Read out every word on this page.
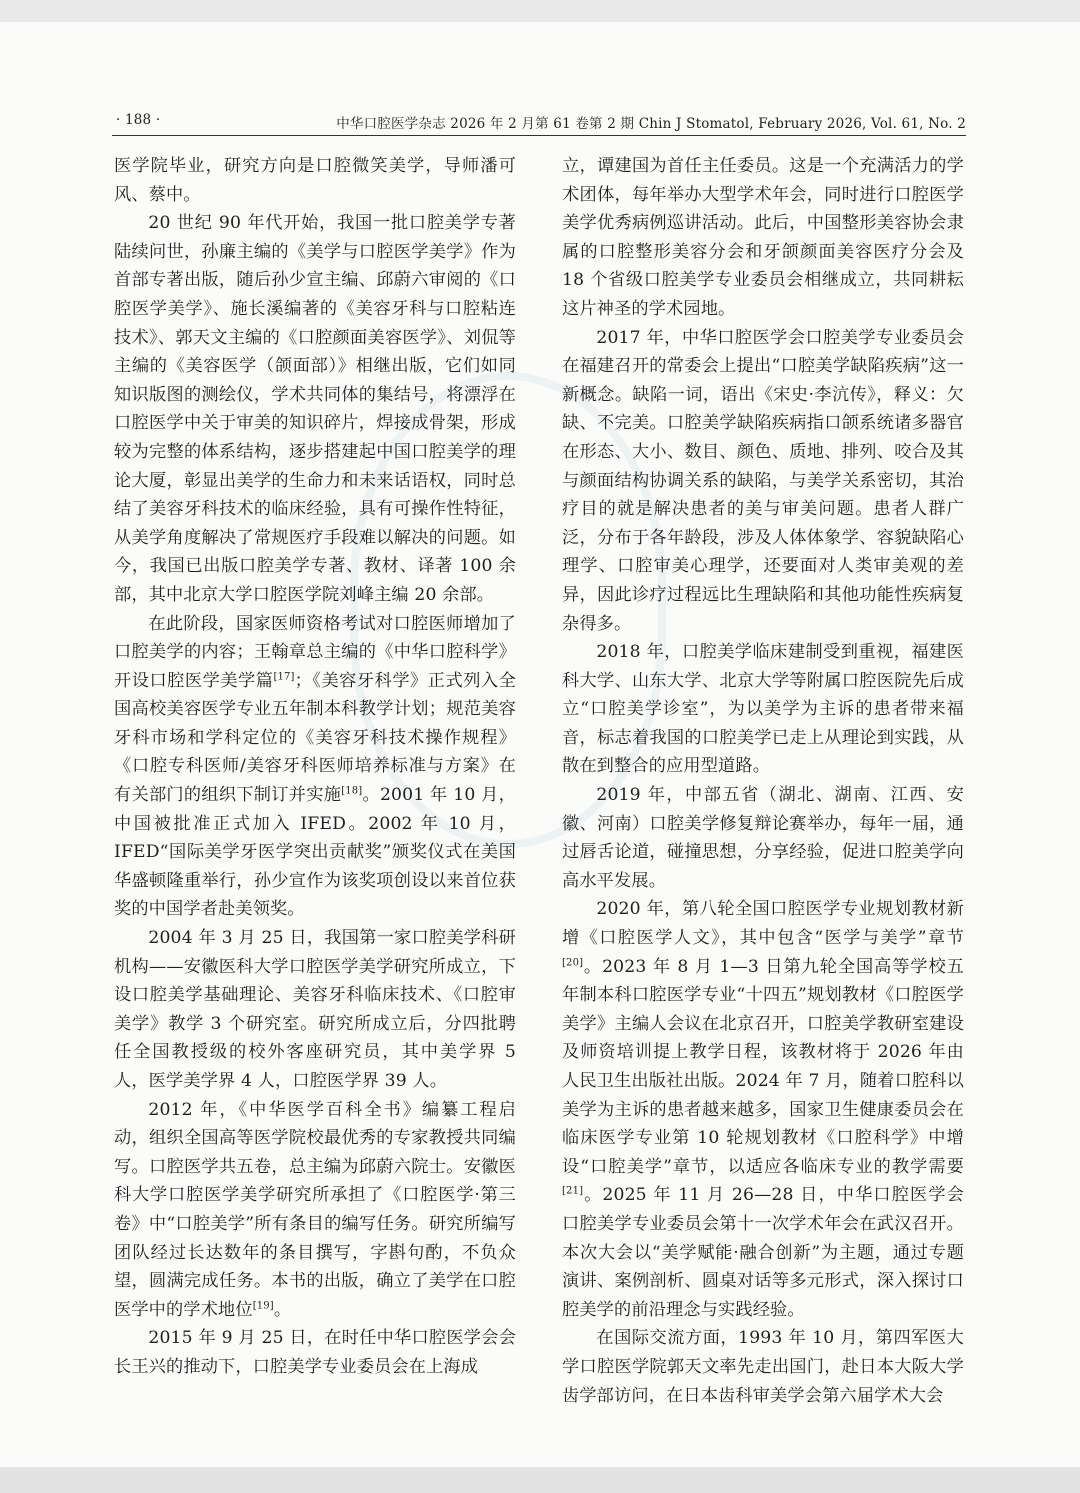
· 188 ·	中华口腔医学杂志 2026 年 2 月第 61 卷第 2 期 Chin J Stomatol, February 2026, Vol. 61, No. 2

医学院毕业，研究方向是口腔微笑美学，导师潘可风、蔡中。

20 世纪 90 年代开始，我国一批口腔美学专著陆续问世，孙廉主编的《美学与口腔医学美学》作为首部专著出版，随后孙少宣主编、邱蔚六审阅的《口腔医学美学》、施长溪编著的《美容牙科与口腔粘连技术》、郭天文主编的《口腔颜面美容医学》、刘侃等主编的《美容医学（颌面部）》相继出版，它们如同知识版图的测绘仪，学术共同体的集结号，将漂浮在口腔医学中关于审美的知识碎片，焊接成骨架，形成较为完整的体系结构，逐步搭建起中国口腔美学的理论大厦，彰显出美学的生命力和未来话语权，同时总结了美容牙科技术的临床经验，具有可操作性特征，从美学角度解决了常规医疗手段难以解决的问题。如今，我国已出版口腔美学专著、教材、译著 100 余部，其中北京大学口腔医学院刘峰主编 20 余部。

在此阶段，国家医师资格考试对口腔医师增加了口腔美学的内容；王翰章总主编的《中华口腔科学》开设口腔医学美学篇[17]；《美容牙科学》正式列入全国高校美容医学专业五年制本科教学计划；规范美容牙科市场和学科定位的《美容牙科技术操作规程》《口腔专科医师/美容牙科医师培养标准与方案》在有关部门的组织下制订并实施[18]。2001 年 10 月，中国被批准正式加入 IFED。2002 年 10 月，IFED“国际美学牙医学突出贡献奖”颁奖仪式在美国华盛顿隆重举行，孙少宣作为该奖项创设以来首位获奖的中国学者赴美领奖。

2004 年 3 月 25 日，我国第一家口腔美学科研机构——安徽医科大学口腔医学美学研究所成立，下设口腔美学基础理论、美容牙科临床技术、《口腔审美学》教学 3 个研究室。研究所成立后，分四批聘任全国教授级的校外客座研究员，其中美学界 5 人，医学美学界 4 人，口腔医学界 39 人。

2012 年，《中华医学百科全书》编纂工程启动，组织全国高等医学院校最优秀的专家教授共同编写。口腔医学共五卷，总主编为邱蔚六院士。安徽医科大学口腔医学美学研究所承担了《口腔医学·第三卷》中“口腔美学”所有条目的编写任务。研究所编写团队经过长达数年的条目撰写，字斟句酌，不负众望，圆满完成任务。本书的出版，确立了美学在口腔医学中的学术地位[19]。

2015 年 9 月 25 日，在时任中华口腔医学会会长王兴的推动下，口腔美学专业委员会在上海成

立，谭建国为首任主任委员。这是一个充满活力的学术团体，每年举办大型学术年会，同时进行口腔医学美学优秀病例巡讲活动。此后，中国整形美容协会隶属的口腔整形美容分会和牙颌颜面美容医疗分会及 18 个省级口腔美学专业委员会相继成立，共同耕耘这片神圣的学术园地。

2017 年，中华口腔医学会口腔美学专业委员会在福建召开的常委会上提出“口腔美学缺陷疾病”这一新概念。缺陷一词，语出《宋史·李沆传》，释义：欠缺、不完美。口腔美学缺陷疾病指口颌系统诸多器官在形态、大小、数目、颜色、质地、排列、咬合及其与颜面结构协调关系的缺陷，与美学关系密切，其治疗目的就是解决患者的美与审美问题。患者人群广泛，分布于各年龄段，涉及人体体象学、容貌缺陷心理学、口腔审美心理学，还要面对人类审美观的差异，因此诊疗过程远比生理缺陷和其他功能性疾病复杂得多。

2018 年，口腔美学临床建制受到重视，福建医科大学、山东大学、北京大学等附属口腔医院先后成立“口腔美学诊室”，为以美学为主诉的患者带来福音，标志着我国的口腔美学已走上从理论到实践，从散在到整合的应用型道路。

2019 年，中部五省（湖北、湖南、江西、安徽、河南）口腔美学修复辩论赛举办，每年一届，通过唇舌论道，碰撞思想，分享经验，促进口腔美学向高水平发展。

2020 年，第八轮全国口腔医学专业规划教材新增《口腔医学人文》，其中包含“医学与美学”章节[20]。2023 年 8 月 1—3 日第九轮全国高等学校五年制本科口腔医学专业“十四五”规划教材《口腔医学美学》主编人会议在北京召开，口腔美学教研室建设及师资培训提上教学日程，该教材将于 2026 年由人民卫生出版社出版。2024 年 7 月，随着口腔科以美学为主诉的患者越来越多，国家卫生健康委员会在临床医学专业第 10 轮规划教材《口腔科学》中增设“口腔美学”章节，以适应各临床专业的教学需要[21]。2025 年 11 月 26—28 日，中华口腔医学会口腔美学专业委员会第十一次学术年会在武汉召开。本次大会以“美学赋能·融合创新”为主题，通过专题演讲、案例剖析、圆桌对话等多元形式，深入探讨口腔美学的前沿理念与实践经验。

在国际交流方面，1993 年 10 月，第四军医大学口腔医学院郭天文率先走出国门，赴日本大阪大学齿学部访问，在日本齿科审美学会第六届学术大会
